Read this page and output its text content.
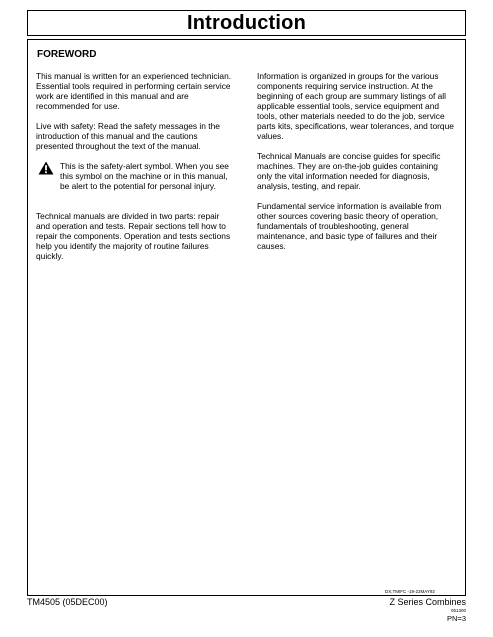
Introduction
FOREWORD

This manual is written for an experienced technician. Essential tools required in performing certain service work are identified in this manual and are recommended for use.

Live with safety: Read the safety messages in the introduction of this manual and the cautions presented throughout the text of the manual.

This is the safety-alert symbol. When you see this symbol on the machine or in this manual, be alert to the potential for personal injury.

Technical manuals are divided in two parts: repair and operation and tests. Repair sections tell how to repair the components. Operation and tests sections help you identify the majority of routine failures quickly.

Information is organized in groups for the various components requiring service instruction. At the beginning of each group are summary listings of all applicable essential tools, service equipment and tools, other materials needed to do the job, service parts kits, specifications, wear tolerances, and torque values.

Technical Manuals are concise guides for specific machines. They are on-the-job guides containing only the vital information needed for diagnosis, analysis, testing, and repair.

Fundamental service information is available from other sources covering basic theory of operation, fundamentals of troubleshooting, general maintenance, and basic type of failures and their causes.

DX,TMIFC -19-22MAY92
TM4505 (05DEC00)	Z Series Combines
051300
PN=3
